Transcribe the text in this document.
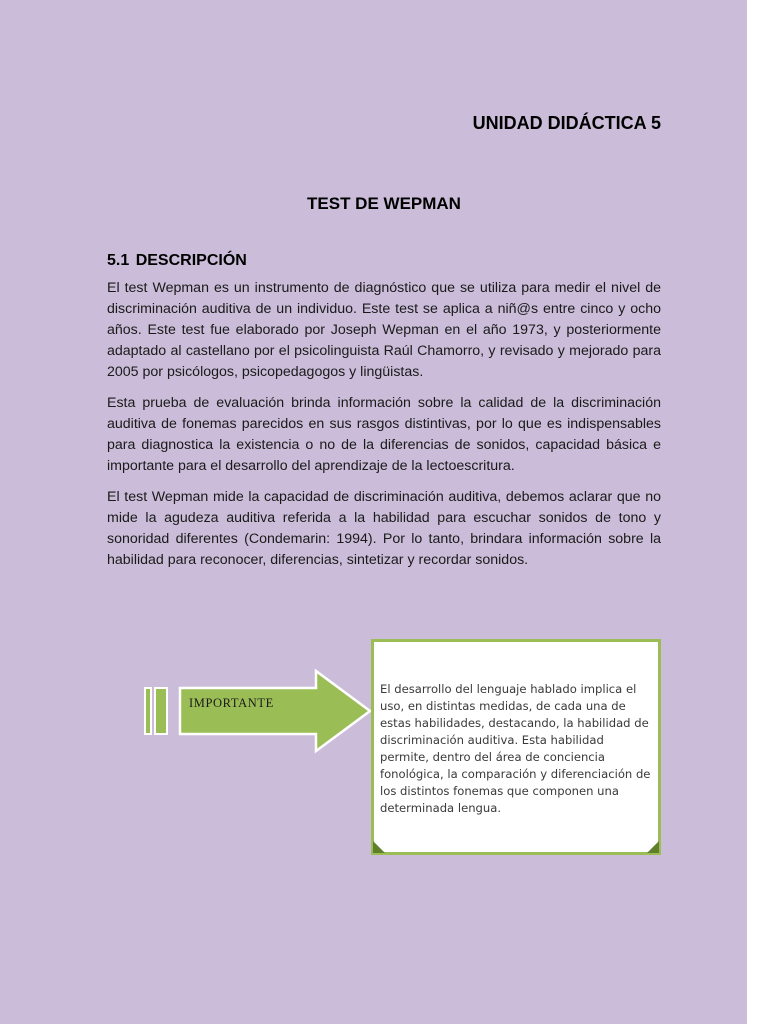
UNIDAD DIDÁCTICA 5
TEST DE WEPMAN
5.1 DESCRIPCIÓN

El test Wepman es un instrumento de diagnóstico que se utiliza para medir el nivel de discriminación auditiva de un individuo. Este test se aplica a niñ@s entre cinco y ocho años. Este test fue elaborado por Joseph Wepman en el año 1973, y posteriormente adaptado al castellano por el psicolinguista Raúl Chamorro, y revisado y mejorado para 2005 por psicólogos, psicopedagogos y lingüistas.

Esta prueba de evaluación brinda información sobre la calidad de la discriminación auditiva de fonemas parecidos en sus rasgos distintivas, por lo que es indispensables para diagnostica la existencia o no de la diferencias de sonidos, capacidad básica e importante para el desarrollo del aprendizaje de la lectoescritura.

El test Wepman mide la capacidad de discriminación auditiva, debemos aclarar que no mide la agudeza auditiva referida a la habilidad para escuchar sonidos de tono y sonoridad diferentes (Condemarin: 1994). Por lo tanto, brindara información sobre la habilidad para reconocer, diferencias, sintetizar y recordar sonidos.

IMPORTANTE

El desarrollo del lenguaje hablado implica el uso, en distintas medidas, de cada una de estas habilidades, destacando, la habilidad de discriminación auditiva. Esta habilidad permite, dentro del área de conciencia fonológica, la comparación y diferenciación de los distintos fonemas que componen una determinada lengua.
